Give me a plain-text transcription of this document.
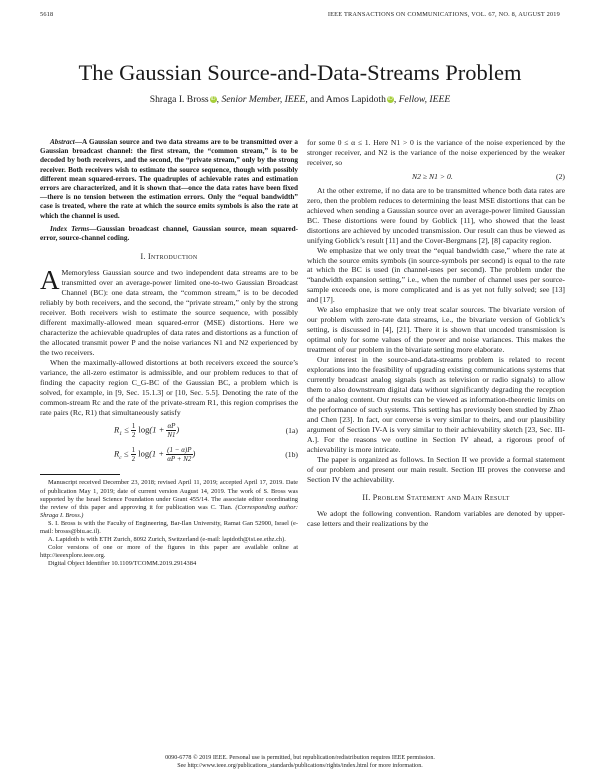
5618	IEEE TRANSACTIONS ON COMMUNICATIONS, VOL. 67, NO. 8, AUGUST 2019
The Gaussian Source-and-Data-Streams Problem
Shraga I. Bross iD, Senior Member, IEEE, and Amos Lapidoth iD, Fellow, IEEE

Abstract—A Gaussian source and two data streams are to be transmitted over a Gaussian broadcast channel: the first stream, the “common stream,” is to be decoded by both receivers, and the second, the “private stream,” only by the strong receiver. Both receivers wish to estimate the source sequence, though with possibly different mean squared-errors. The quadruples of achievable rates and estimation errors are characterized, and it is shown that—once the data rates have been fixed—there is no tension between the estimation errors. Only the “equal bandwidth” case is treated, where the rate at which the source emits symbols is also the rate at which the channel is used.

Index Terms—Gaussian broadcast channel, Gaussian source, mean squared-error, source-channel coding.

I. Introduction

A Memoryless Gaussian source and two independent data streams are to be transmitted over an average-power limited one-to-two Gaussian Broadcast Channel (BC): one data stream, the “common stream,” is to be decoded reliably by both receivers, and the second, the “private stream,” only by the strong receiver. Both receivers wish to estimate the source sequence, with possibly different maximally-allowed mean squared-error (MSE) distortions. Here we characterize the achievable quadruples of data rates and distortions as a function of the allocated transmit power P and the noise variances N1 and N2 experienced by the two receivers.

When the maximally-allowed distortions at both receivers exceed the source’s variance, the all-zero estimator is admissible, and our problem reduces to that of finding the capacity region C_G-BC of the Gaussian BC, a problem which is solved, for example, in [9, Sec. 15.1.3] or [10, Sec. 5.5]. Denoting the rate of the common-stream Rc and the rate of the private-stream R1, this region comprises the rate pairs (Rc, R1) that simultaneously satisfy

$R_1 \le \frac{1}{2} \log(1 + \frac{\alpha P}{N1}$ )	(1a)
$R_c \le \frac{1}{2} \log(1 + \frac{(1 - \alpha)P}{\alpha P + N2}$ )	(1b)

Manuscript received December 23, 2018; revised April 11, 2019; accepted April 17, 2019. Date of publication May 1, 2019; date of current version August 14, 2019. The work of S. Bross was supported by the Israel Science Foundation under Grant 455/14. The associate editor coordinating the review of this paper and approving it for publication was C. Tian. (Corresponding author: Shraga I. Bross.)

S. I. Bross is with the Faculty of Engineering, Bar-Ilan University, Ramat Gan 52900, Israel (e-mail: brosss@biu.ac.il).

A. Lapidoth is with ETH Zurich, 8092 Zurich, Switzerland (e-mail: lapidoth@isi.ee.ethz.ch).

Color versions of one or more of the figures in this paper are available online at http://ieeexplore.ieee.org.

Digital Object Identifier 10.1109/TCOMM.2019.2914384

for some 0 ≤ α ≤ 1. Here N1 > 0 is the variance of the noise experienced by the stronger receiver, and N2 is the variance of the noise experienced by the weaker receiver, so

N2 ≥ N1 > 0.	(2)

At the other extreme, if no data are to be transmitted whence both data rates are zero, then the problem reduces to determining the least MSE distortions that can be achieved when sending a Gaussian source over an average-power limited Gaussian BC. These distortions were found by Goblick [11], who showed that the least distortions are achieved by uncoded transmission. Our result can thus be viewed as unifying Goblick’s result [11] and the Cover-Bergmans [2], [8] capacity region.

We emphasize that we only treat the “equal bandwidth case,” where the rate at which the source emits symbols (in source-symbols per second) is equal to the rate at which the BC is used (in channel-uses per second). The problem under the “bandwidth expansion setting,” i.e., when the number of channel uses per source-sample exceeds one, is more complicated and is as yet not fully solved; see [13] and [17].

We also emphasize that we only treat scalar sources. The bivariate version of our problem with zero-rate data streams, i.e., the bivariate version of Goblick’s setting, is discussed in [4], [21]. There it is shown that uncoded transmission is optimal only for some values of the power and noise variances. This makes the treatment of our problem in the bivariate setting more elaborate.

Our interest in the source-and-data-streams problem is related to recent explorations into the feasibility of upgrading existing communications systems that currently broadcast analog signals (such as television or radio signals) to allow them to also downstream digital data without significantly degrading the reception of the analog content. Our results can be viewed as information-theoretic limits on the performance of such systems. This setting has previously been studied by Zhao and Chen [23]. In fact, our converse is very similar to theirs, and our plausibility argument of Section IV-A is very similar to their achievability sketch [23, Sec. III-A.]. For the reasons we outline in Section IV ahead, a rigorous proof of achievability is more intricate.

The paper is organized as follows. In Section II we provide a formal statement of our problem and present our main result. Section III proves the converse and Section IV the achievability.

II. Problem Statement and Main Result

We adopt the following convention. Random variables are denoted by upper-case letters and their realizations by the

0090-6778 © 2019 IEEE. Personal use is permitted, but republication/redistribution requires IEEE permission.
See http://www.ieee.org/publications_standards/publications/rights/index.html for more information.
